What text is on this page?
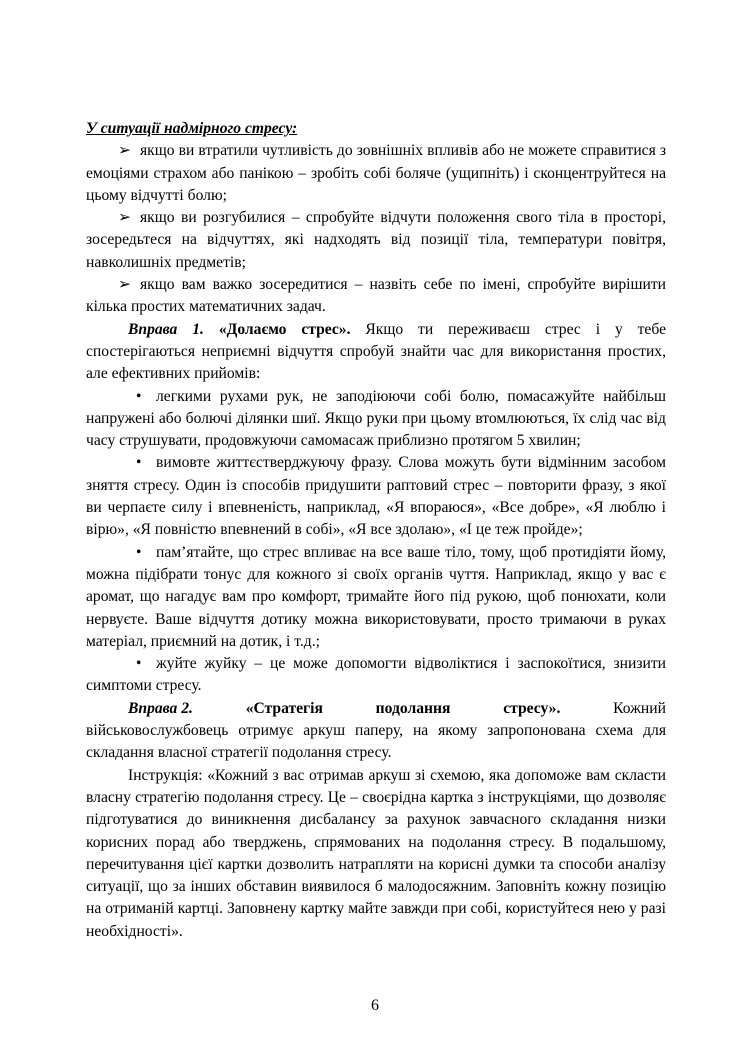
У ситуації надмірного стресу:

➢ якщо ви втратили чутливість до зовнішніх впливів або не можете справитися з емоціями страхом або панікою – зробіть собі боляче (ущипніть) і сконцентруйтеся на цьому відчутті болю;

➢ якщо ви розгубилися – спробуйте відчути положення свого тіла в просторі, зосередьтеся на відчуттях, які надходять від позиції тіла, температури повітря, навколишніх предметів;

➢ якщо вам важко зосередитися – назвіть себе по імені, спробуйте вирішити кілька простих математичних задач.

Вправа 1. «Долаємо стрес». Якщо ти переживаєш стрес і у тебе спостерігаються неприємні відчуття спробуй знайти час для використання простих, але ефективних прийомів:

• легкими рухами рук, не заподіюючи собі болю, помасажуйте найбільш напружені або болючі ділянки шиї. Якщо руки при цьому втомлюються, їх слід час від часу струшувати, продовжуючи самомасаж приблизно протягом 5 хвилин;

• вимовте життєстверджуючу фразу. Слова можуть бути відмінним засобом зняття стресу. Один із способів придушити раптовий стрес – повторити фразу, з якої ви черпаєте силу і впевненість, наприклад, «Я впораюся», «Все добре», «Я люблю і вірю», «Я повністю впевнений в собі», «Я все здолаю», «І це теж пройде»;

• пам’ятайте, що стрес впливає на все ваше тіло, тому, щоб протидіяти йому, можна підібрати тонус для кожного зі своїх органів чуття. Наприклад, якщо у вас є аромат, що нагадує вам про комфорт, тримайте його під рукою, щоб понюхати, коли нервуєте. Ваше відчуття дотику можна використовувати, просто тримаючи в руках матеріал, приємний на дотик, і т.д.;

• жуйте жуйку – це може допомогти відволіктися і заспокоїтися, знизити симптоми стресу.

Вправа 2.	«Стратегія	подолання	стресу».	Кожний

військовослужбовець отримує аркуш паперу, на якому запропонована схема для складання власної стратегії подолання стресу.

Інструкція: «Кожний з вас отримав аркуш зі схемою, яка допоможе вам скласти власну стратегію подолання стресу. Це – своєрідна картка з інструкціями, що дозволяє підготуватися до виникнення дисбалансу за рахунок завчасного складання низки корисних порад або тверджень, спрямованих на подолання стресу. В подальшому, перечитування цієї картки дозволить натрапляти на корисні думки та способи аналізу ситуації, що за інших обставин виявилося б малодосяжним. Заповніть кожну позицію на отриманій картці. Заповнену картку майте завжди при собі, користуйтеся нею у разі необхідності».

6
